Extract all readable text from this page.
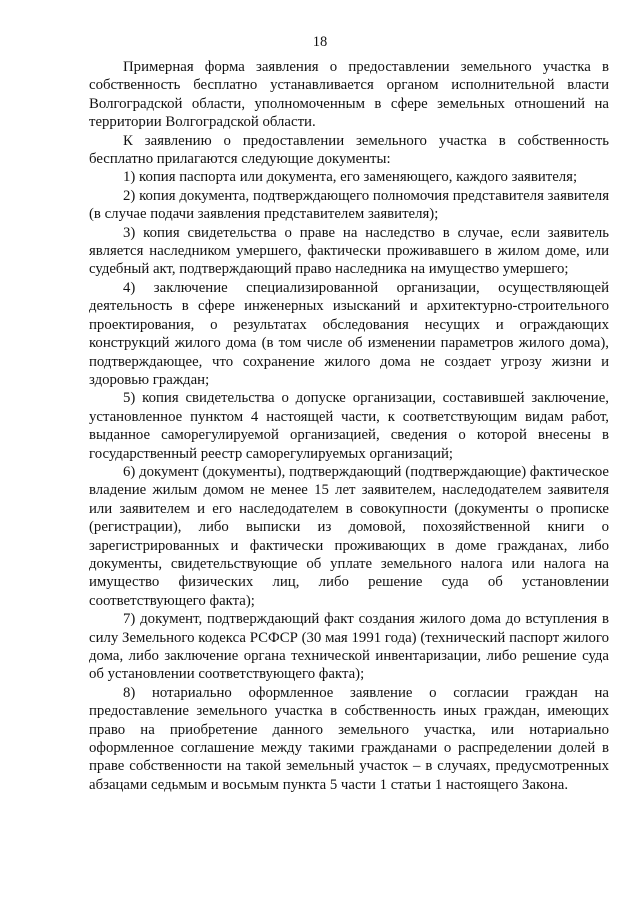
18

Примерная форма заявления о предоставлении земельного участка в собственность бесплатно устанавливается органом исполнительной власти Волгоградской области, уполномоченным в сфере земельных отношений на территории Волгоградской области.

К заявлению о предоставлении земельного участка в собственность бесплатно прилагаются следующие документы:

1) копия паспорта или документа, его заменяющего, каждого заявителя;

2) копия документа, подтверждающего полномочия представителя заявителя (в случае подачи заявления представителем заявителя);

3) копия свидетельства о праве на наследство в случае, если заявитель является наследником умершего, фактически проживавшего в жилом доме, или судебный акт, подтверждающий право наследника на имущество умершего;

4) заключение специализированной организации, осуществляющей деятельность в сфере инженерных изысканий и архитектурно-строительного проектирования, о результатах обследования несущих и ограждающих конструкций жилого дома (в том числе об изменении параметров жилого дома), подтверждающее, что сохранение жилого дома не создает угрозу жизни и здоровью граждан;

5) копия свидетельства о допуске организации, составившей заключение, установленное пунктом 4 настоящей части, к соответствующим видам работ, выданное саморегулируемой организацией, сведения о которой внесены в государственный реестр саморегулируемых организаций;

6) документ (документы), подтверждающий (подтверждающие) фактическое владение жилым домом не менее 15 лет заявителем, наследодателем заявителя или заявителем и его наследодателем в совокупности (документы о прописке (регистрации), либо выписки из домовой, похозяйственной книги о зарегистрированных и фактически проживающих в доме гражданах, либо документы, свидетельствующие об уплате земельного налога или налога на имущество физических лиц, либо решение суда об установлении соответствующего факта);

7) документ, подтверждающий факт создания жилого дома до вступления в силу Земельного кодекса РСФСР (30 мая 1991 года) (технический паспорт жилого дома, либо заключение органа технической инвентаризации, либо решение суда об установлении соответствующего факта);

8) нотариально оформленное заявление о согласии граждан на предоставление земельного участка в собственность иных граждан, имеющих право на приобретение данного земельного участка, или нотариально оформленное соглашение между такими гражданами о распределении долей в праве собственности на такой земельный участок – в случаях, предусмотренных абзацами седьмым и восьмым пункта 5 части 1 статьи 1 настоящего Закона.
